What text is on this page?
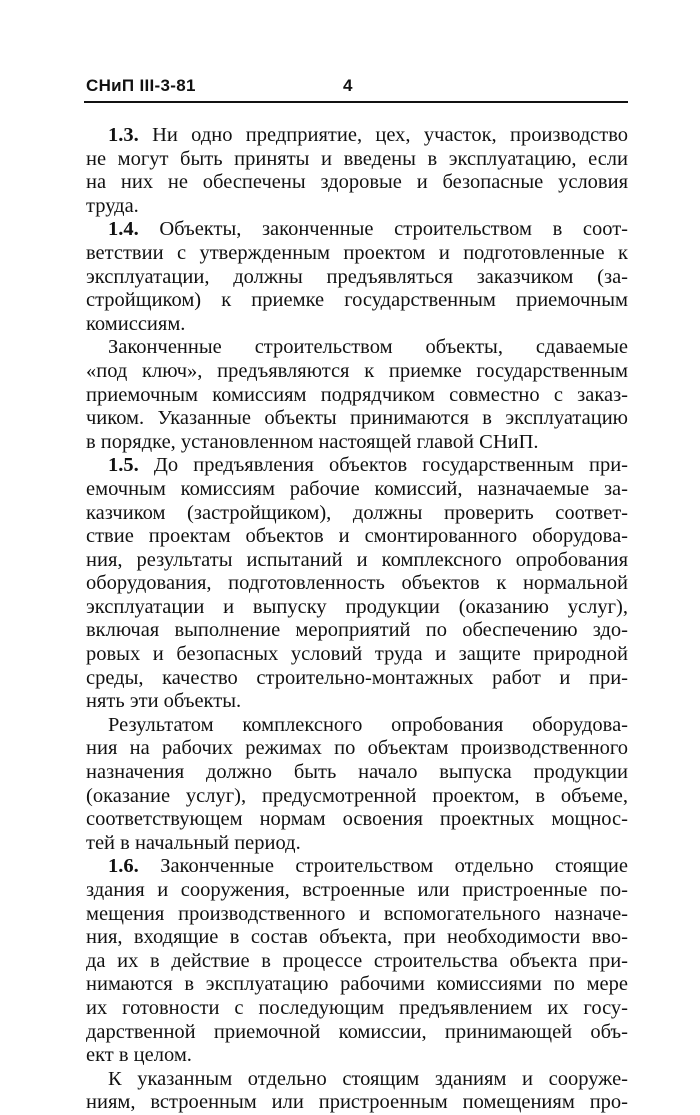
СНиП III-3-81	4
1.3. Ни одно предприятие, цех, участок, производство
не могут быть приняты и введены в эксплуатацию, если
на них не обеспечены здоровые и безопасные условия
труда.
1.4. Объекты, законченные строительством в соот-
ветствии с утвержденным проектом и подготовленные к
эксплуатации, должны предъявляться заказчиком (за-
стройщиком) к приемке государственным приемочным
комиссиям.
Законченные строительством объекты, сдаваемые
«под ключ», предъявляются к приемке государственным
приемочным комиссиям подрядчиком совместно с заказ-
чиком. Указанные объекты принимаются в эксплуатацию
в порядке, установленном настоящей главой СНиП.
1.5. До предъявления объектов государственным при-
емочным комиссиям рабочие комиссий, назначаемые за-
казчиком (застройщиком), должны проверить соответ-
ствие проектам объектов и смонтированного оборудова-
ния, результаты испытаний и комплексного опробования
оборудования, подготовленность объектов к нормальной
эксплуатации и выпуску продукции (оказанию услуг),
включая выполнение мероприятий по обеспечению здо-
ровых и безопасных условий труда и защите природной
среды, качество строительно-монтажных работ и при-
нять эти объекты.
Результатом комплексного опробования оборудова-
ния на рабочих режимах по объектам производственного
назначения должно быть начало выпуска продукции
(оказание услуг), предусмотренной проектом, в объеме,
соответствующем нормам освоения проектных мощнос-
тей в начальный период.
1.6. Законченные строительством отдельно стоящие
здания и сооружения, встроенные или пристроенные по-
мещения производственного и вспомогательного назначе-
ния, входящие в состав объекта, при необходимости вво-
да их в действие в процессе строительства объекта при-
нимаются в эксплуатацию рабочими комиссиями по мере
их готовности с последующим предъявлением их госу-
дарственной приемочной комиссии, принимающей объ-
ект в целом.
К указанным отдельно стоящим зданиям и сооруже-
ниям, встроенным или пристроенным помещениям про-
